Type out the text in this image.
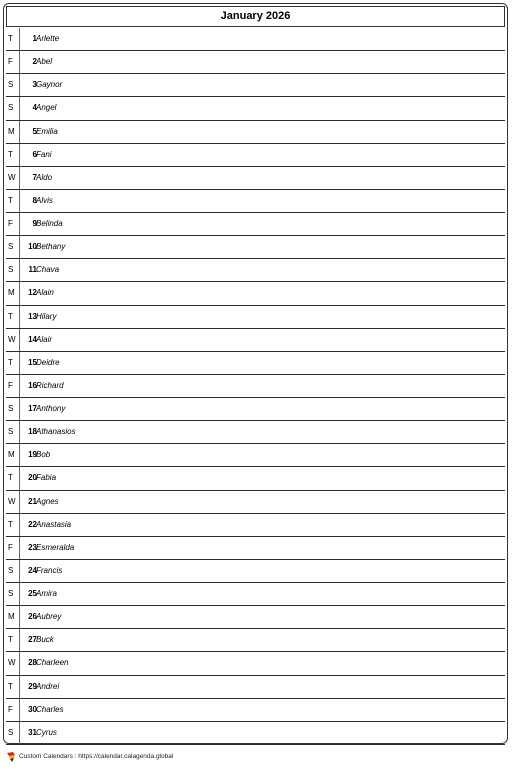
January 2026
T	1 Arlette
F	2 Abel
S	3 Gaynor
S	4 Angel
M	5 Emilia
T	6 Fani
W	7 Aldo
T	8 Alvis
F	9 Belinda
S	10 Bethany
S	11 Chava
M	12 Alain
T	13 Hilary
W	14 Alair
T	15 Deidre
F	16 Richard
S	17 Anthony
S	18 Athanasios
M	19 Bob
T	20 Fabia
W	21 Agnes
T	22 Anastasia
F	23 Esmeralda
S	24 Francis
S	25 Amira
M	26 Aubrey
T	27 Buck
W	28 Charleen
T	29 Andrei
F	30 Charles
S	31 Cyrus
Custom Calendars : https://calendar.calagenda.global
